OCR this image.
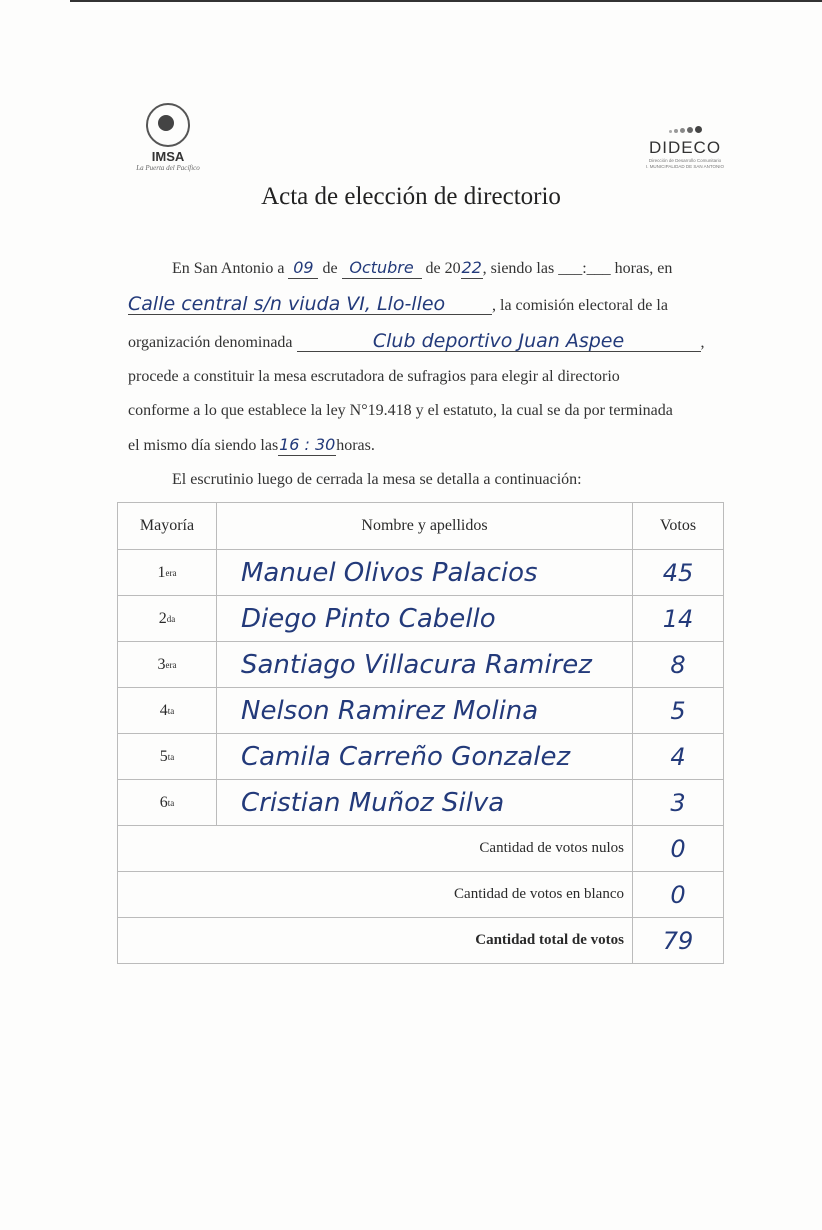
IMSA
La Puerta del Pacífico
DIDECO
Dirección de Desarrollo Comunitario
I. MUNICIPALIDAD DE SAN ANTONIO
Acta de elección de directorio
En San Antonio a 09 de Octubre de 2022, siendo las ___:___ horas, en
Calle central s/n viuda VI, Llo-lleo	, la comisión electoral de la
organización denominada	Club deportivo Juan Aspee	,
procede a constituir la mesa escrutadora de sufragios para elegir al directorio
conforme a lo que establece la ley N°19.418 y el estatuto, la cual se da por terminada
el mismo día siendo las16 : 30horas.
El escrutinio luego de cerrada la mesa se detalla a continuación:
Mayoría	Nombre y apellidos	Votos
1 era	Manuel Olivos Palacios	45
2 da	Diego Pinto Cabello	14
3 era	Santiago Villacura Ramirez	8
4 ta	Nelson Ramirez Molina	5
5 ta	Camila Carreño Gonzalez	4
6 ta	Cristian Muñoz Silva	3
Cantidad de votos nulos	0
Cantidad de votos en blanco	0
Cantidad total de votos	79
